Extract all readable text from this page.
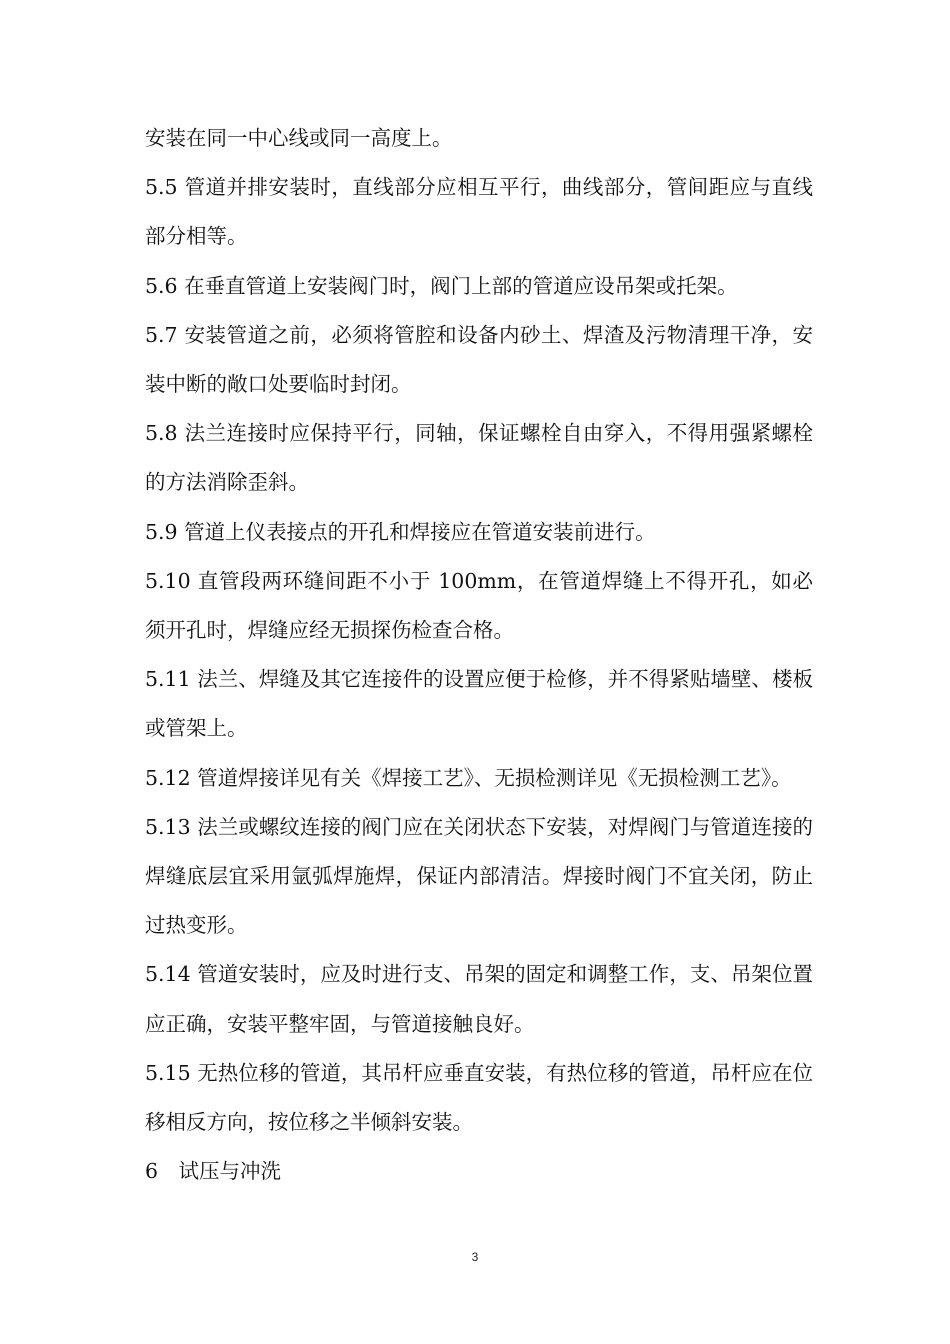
安装在同一中心线或同一高度上。

5.5 管道并排安装时，直线部分应相互平行，曲线部分，管间距应与直线部分相等。

5.6 在垂直管道上安装阀门时，阀门上部的管道应设吊架或托架。

5.7 安装管道之前，必须将管腔和设备内砂土、焊渣及污物清理干净，安装中断的敞口处要临时封闭。

5.8 法兰连接时应保持平行，同轴，保证螺栓自由穿入，不得用强紧螺栓的方法消除歪斜。

5.9 管道上仪表接点的开孔和焊接应在管道安装前进行。

5.10 直管段两环缝间距不小于 100mm，在管道焊缝上不得开孔，如必须开孔时，焊缝应经无损探伤检查合格。

5.11 法兰、焊缝及其它连接件的设置应便于检修，并不得紧贴墙壁、楼板或管架上。

5.12 管道焊接详见有关《焊接工艺》、无损检测详见《无损检测工艺》。

5.13 法兰或螺纹连接的阀门应在关闭状态下安装，对焊阀门与管道连接的焊缝底层宜采用氩弧焊施焊，保证内部清洁。焊接时阀门不宜关闭，防止过热变形。

5.14 管道安装时，应及时进行支、吊架的固定和调整工作，支、吊架位置应正确，安装平整牢固，与管道接触良好。

5.15 无热位移的管道，其吊杆应垂直安装，有热位移的管道，吊杆应在位移相反方向，按位移之半倾斜安装。

6　试压与冲洗

3
